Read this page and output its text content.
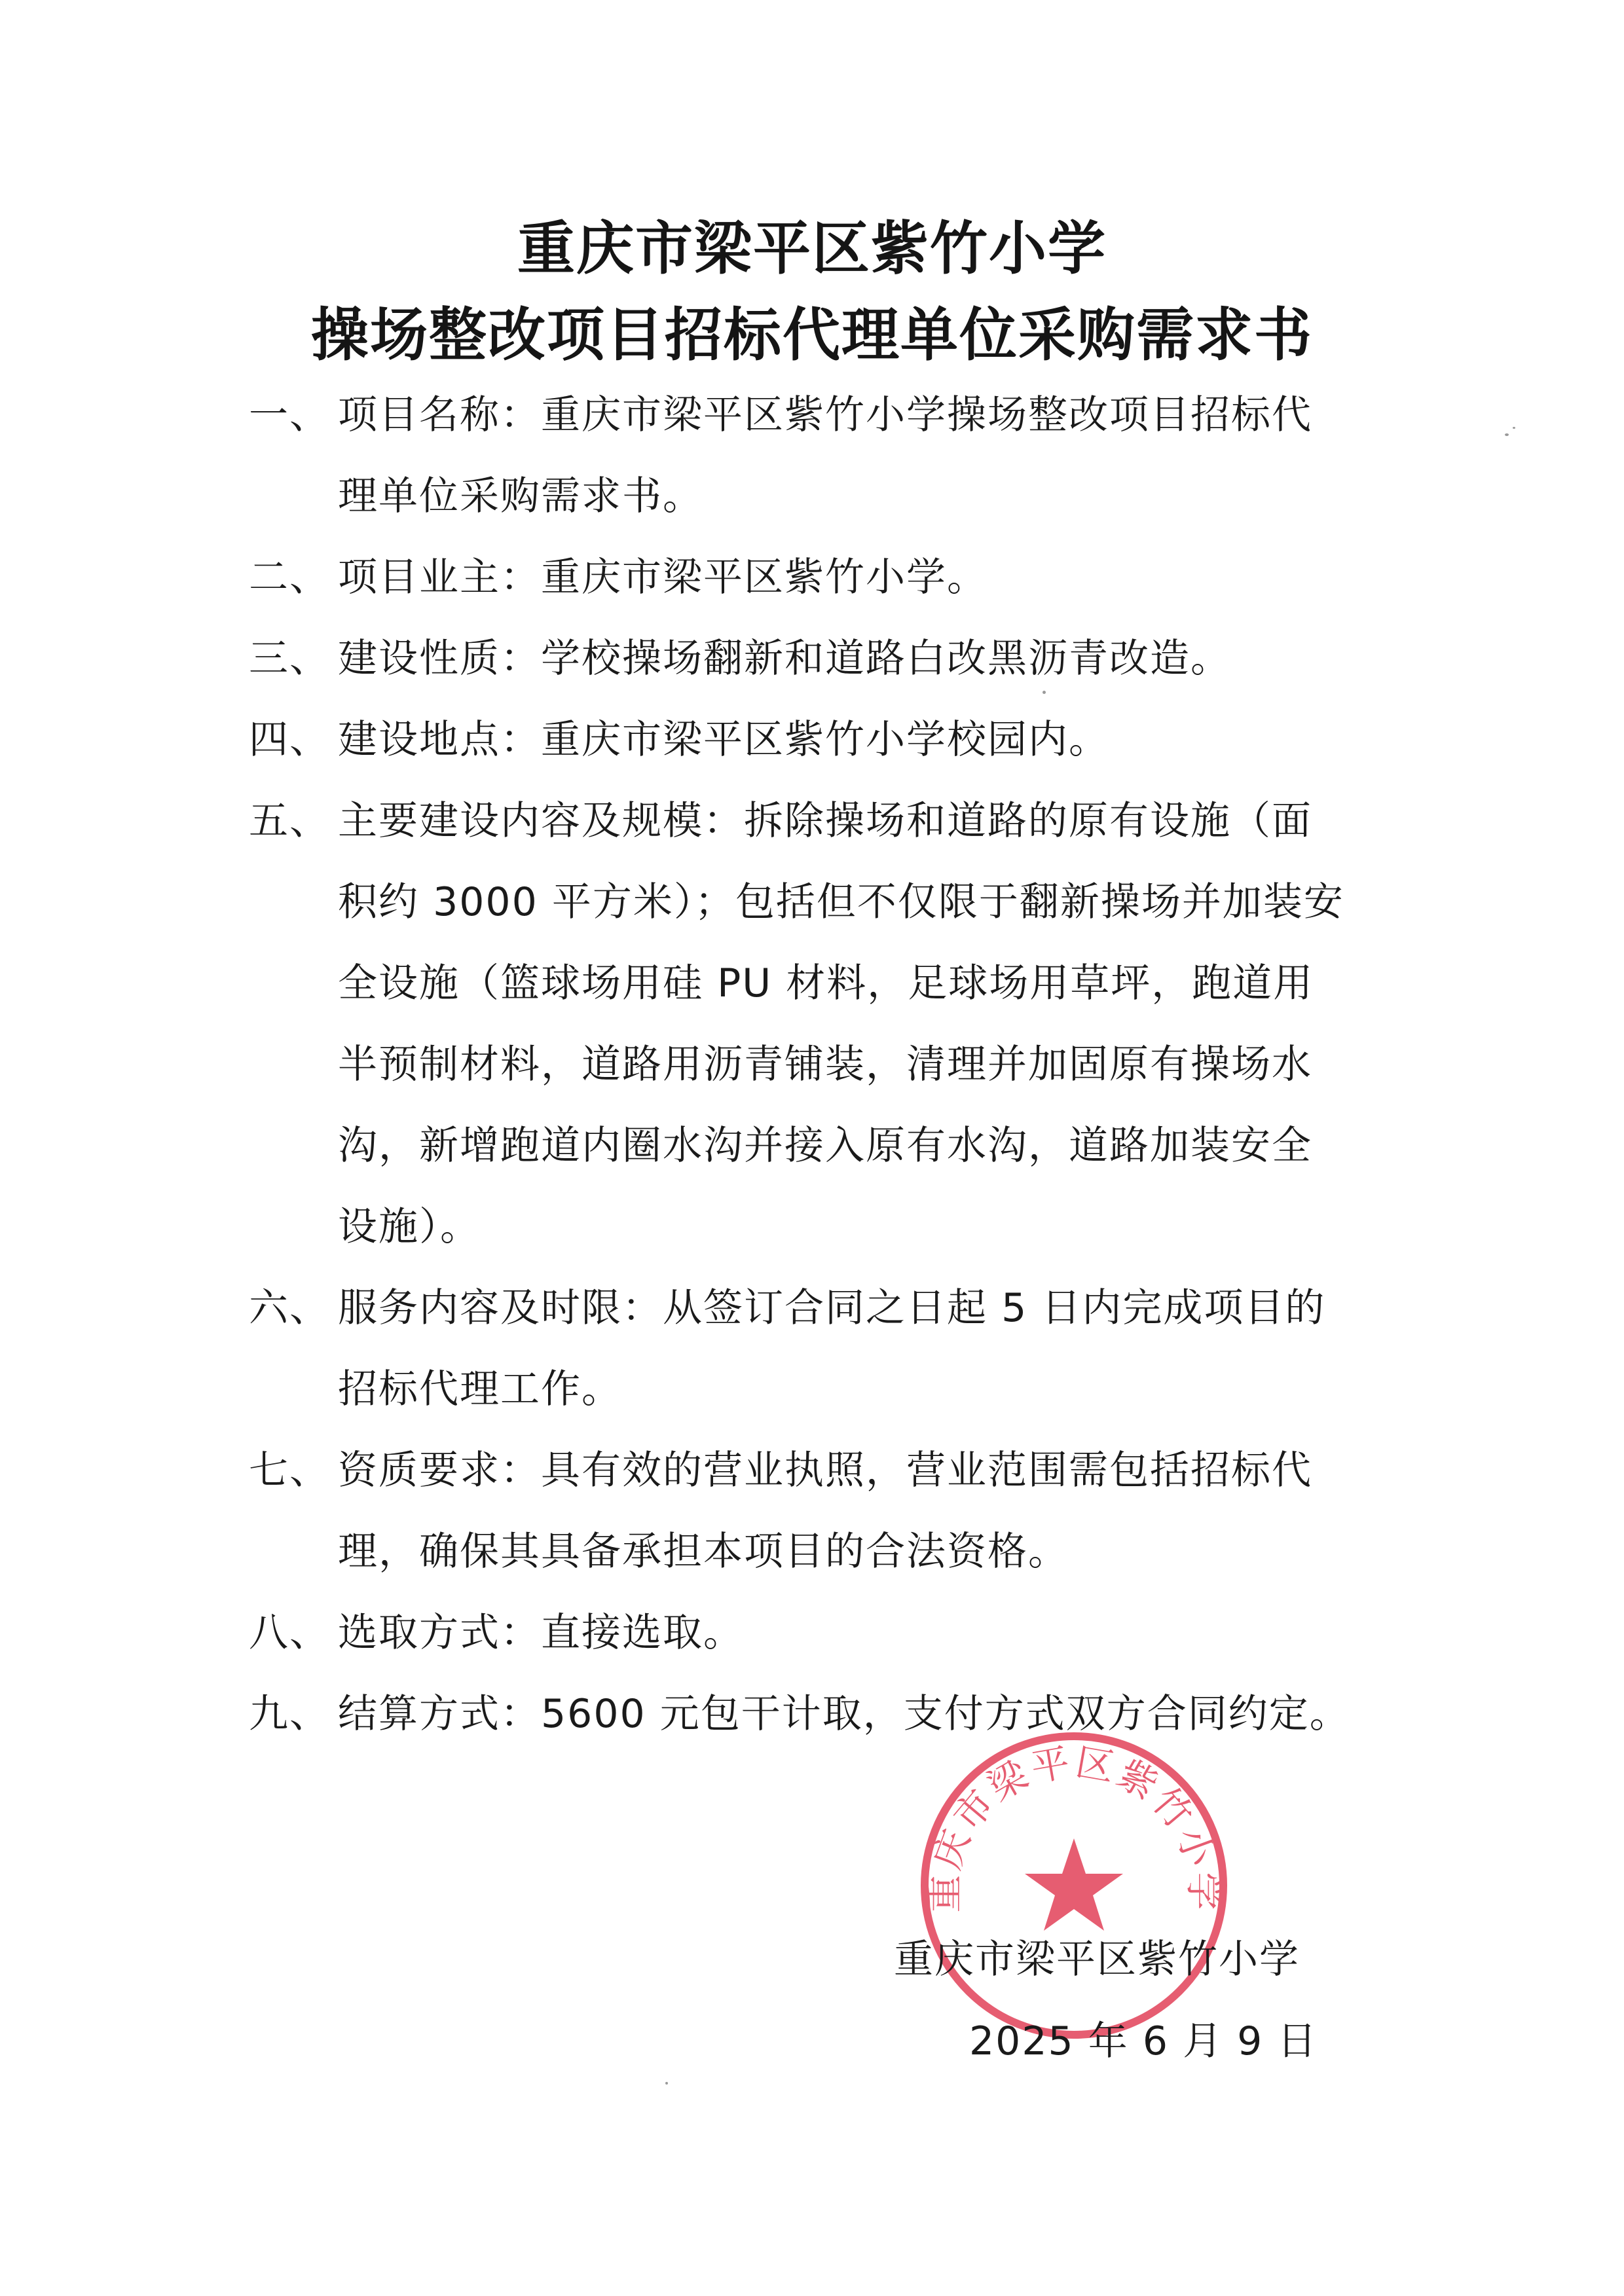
重庆市梁平区紫竹小学
操场整改项目招标代理单位采购需求书
一、 项目名称：重庆市梁平区紫竹小学操场整改项目招标代
理单位采购需求书。
二、 项目业主：重庆市梁平区紫竹小学。
三、 建设性质：学校操场翻新和道路白改黑沥青改造。
四、 建设地点：重庆市梁平区紫竹小学校园内。
五、 主要建设内容及规模：拆除操场和道路的原有设施（面
积约 3000 平方米）；包括但不仅限于翻新操场并加装安
全设施（篮球场用硅 PU 材料，足球场用草坪，跑道用
半预制材料，道路用沥青铺装，清理并加固原有操场水
沟，新增跑道内圈水沟并接入原有水沟，道路加装安全
设施）。
六、 服务内容及时限：从签订合同之日起 5 日内完成项目的
招标代理工作。
七、 资质要求：具有效的营业执照，营业范围需包括招标代
理，确保其具备承担本项目的合法资格。
八、 选取方式：直接选取。
九、 结算方式：5600 元包干计取，支付方式双方合同约定。
重庆市梁平区紫竹小学
重庆市梁平区紫竹小学
2025 年 6 月 9 日
